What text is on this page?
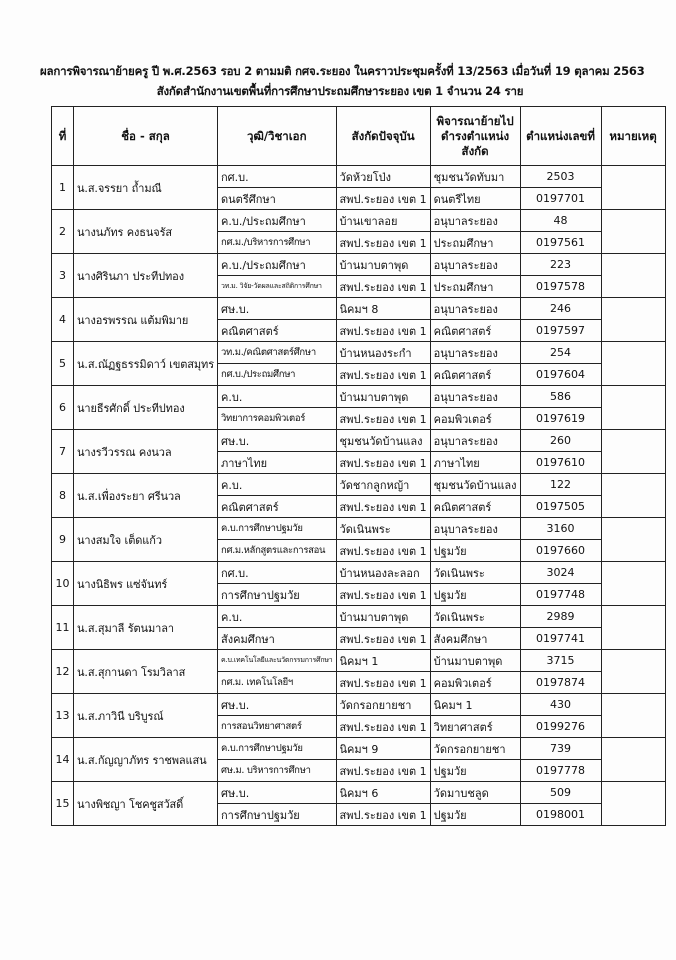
ผลการพิจารณาย้ายครู ปี พ.ศ.2563 รอบ 2 ตามมติ กศจ.ระยอง ในคราวประชุมครั้งที่ 13/2563 เมื่อวันที่ 19 ตุลาคม 2563
สังกัดสำนักงานเขตพื้นที่การศึกษาประถมศึกษาระยอง เขต 1 จำนวน 24 ราย
ที่	ชื่อ - สกุล	วุฒิ/วิชาเอก	สังกัดปัจจุบัน	พิจารณาย้ายไปดำรงตำแหน่งสังกัด	ตำแหน่งเลขที่	หมายเหตุ
1	น.ส.จรรยา ถ้ำมณี	กศ.บ.	วัดห้วยโป่ง	ชุมชนวัดทับมา	2503	
		ดนตรีศึกษา	สพป.ระยอง เขต 1	ดนตรีไทย	0197701	
2	นางนภัทร คงธนจรัส	ค.บ./ประถมศึกษา	บ้านเขาลอย	อนุบาลระยอง	48	
		กศ.ม./บริหารการศึกษา	สพป.ระยอง เขต 1	ประถมศึกษา	0197561	
3	นางศิรินภา ประทีปทอง	ค.บ./ประถมศึกษา	บ้านมาบตาพุด	อนุบาลระยอง	223	
		วท.ม. วิจัย-วัดผลและสถิติการศึกษา	สพป.ระยอง เขต 1	ประถมศึกษา	0197578	
4	นางอรพรรณ แต้มพิมาย	ศษ.บ.	นิคมฯ 8	อนุบาลระยอง	246	
		คณิตศาสตร์	สพป.ระยอง เขต 1	คณิตศาสตร์	0197597	
5	น.ส.ณัฏฐธรรมิดาว์ เขตสมุทร	วท.ม./คณิตศาสตร์ศึกษา	บ้านหนองระกำ	อนุบาลระยอง	254	
		กศ.บ./ประถมศึกษา	สพป.ระยอง เขต 1	คณิตศาสตร์	0197604	
6	นายธีรศักดิ์ ประทีปทอง	ค.บ.	บ้านมาบตาพุด	อนุบาลระยอง	586	
		วิทยาการคอมพิวเตอร์	สพป.ระยอง เขต 1	คอมพิวเตอร์	0197619	
7	นางรวีวรรณ คงนวล	ศษ.บ.	ชุมชนวัดบ้านแลง	อนุบาลระยอง	260	
		ภาษาไทย	สพป.ระยอง เขต 1	ภาษาไทย	0197610	
8	น.ส.เพื่องระยา ศรีนวล	ค.บ.	วัดชากลูกหญ้า	ชุมชนวัดบ้านแลง	122	
		คณิตศาสตร์	สพป.ระยอง เขต 1	คณิตศาสตร์	0197505	
9	นางสมใจ เต็ดแก้ว	ค.บ.การศึกษาปฐมวัย	วัดเนินพระ	อนุบาลระยอง	3160	
		กศ.ม.หลักสูตรและการสอน	สพป.ระยอง เขต 1	ปฐมวัย	0197660	
10	นางนิธิพร แซ่จันทร์	กศ.บ.	บ้านหนองละลอก	วัดเนินพระ	3024	
		การศึกษาปฐมวัย	สพป.ระยอง เขต 1	ปฐมวัย	0197748	
11	น.ส.สุมาลี รัตนมาลา	ค.บ.	บ้านมาบตาพุด	วัดเนินพระ	2989	
		สังคมศึกษา	สพป.ระยอง เขต 1	สังคมศึกษา	0197741	
12	น.ส.สุกานดา โรมวิลาส	ค.บ.เทคโนโลยีและนวัตกรรมการศึกษา	นิคมฯ 1	บ้านมาบตาพุด	3715	
		กศ.ม. เทคโนโลยีฯ	สพป.ระยอง เขต 1	คอมพิวเตอร์	0197874	
13	น.ส.ภาวินี บริบูรณ์	ศษ.บ.	วัดกรอกยายชา	นิคมฯ 1	430	
		การสอนวิทยาศาสตร์	สพป.ระยอง เขต 1	วิทยาศาสตร์	0199276	
14	น.ส.กัญญาภัทร ราชพลแสน	ค.บ.การศึกษาปฐมวัย	นิคมฯ 9	วัดกรอกยายชา	739	
		ศษ.ม. บริหารการศึกษา	สพป.ระยอง เขต 1	ปฐมวัย	0197778	
15	นางพิชญา โชคชูสวัสดิ์	ศษ.บ.	นิคมฯ 6	วัดมาบชลูด	509	
		การศึกษาปฐมวัย	สพป.ระยอง เขต 1	ปฐมวัย	0198001	
